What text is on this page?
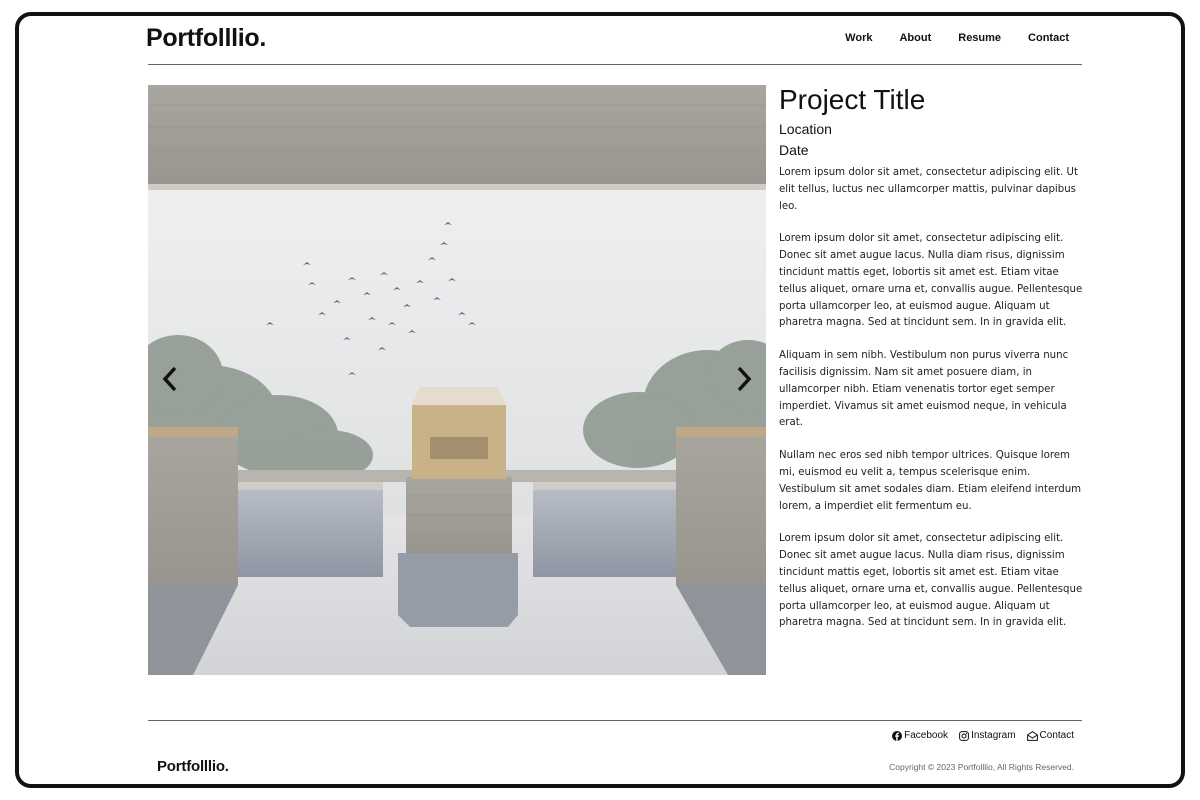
Portfolllio.	Work About Resume Contact
Project Title
Location
Date

Lorem ipsum dolor sit amet, consectetur adipiscing elit. Ut elit tellus, luctus nec ullamcorper mattis, pulvinar dapibus leo.

Lorem ipsum dolor sit amet, consectetur adipiscing elit. Donec sit amet augue lacus. Nulla diam risus, dignissim tincidunt mattis eget, lobortis sit amet est. Etiam vitae tellus aliquet, ornare urna et, convallis augue. Pellentesque porta ullamcorper leo, at euismod augue. Aliquam ut pharetra magna. Sed at tincidunt sem. In in gravida elit.

Aliquam in sem nibh. Vestibulum non purus viverra nunc facilisis dignissim. Nam sit amet posuere diam, in ullamcorper nibh. Etiam venenatis tortor eget semper imperdiet. Vivamus sit amet euismod neque, in vehicula erat.

Nullam nec eros sed nibh tempor ultrices. Quisque lorem mi, euismod eu velit a, tempus scelerisque enim. Vestibulum sit amet sodales diam. Etiam eleifend interdum lorem, a imperdiet elit fermentum eu.

Lorem ipsum dolor sit amet, consectetur adipiscing elit. Donec sit amet augue lacus. Nulla diam risus, dignissim tincidunt mattis eget, lobortis sit amet est. Etiam vitae tellus aliquet, ornare urna et, convallis augue. Pellentesque porta ullamcorper leo, at euismod augue. Aliquam ut pharetra magna. Sed at tincidunt sem. In in gravida elit.

Facebook Instagram Contact
Portfolllio.	Copyright © 2023 Portfolllio, All Rights Reserved.
